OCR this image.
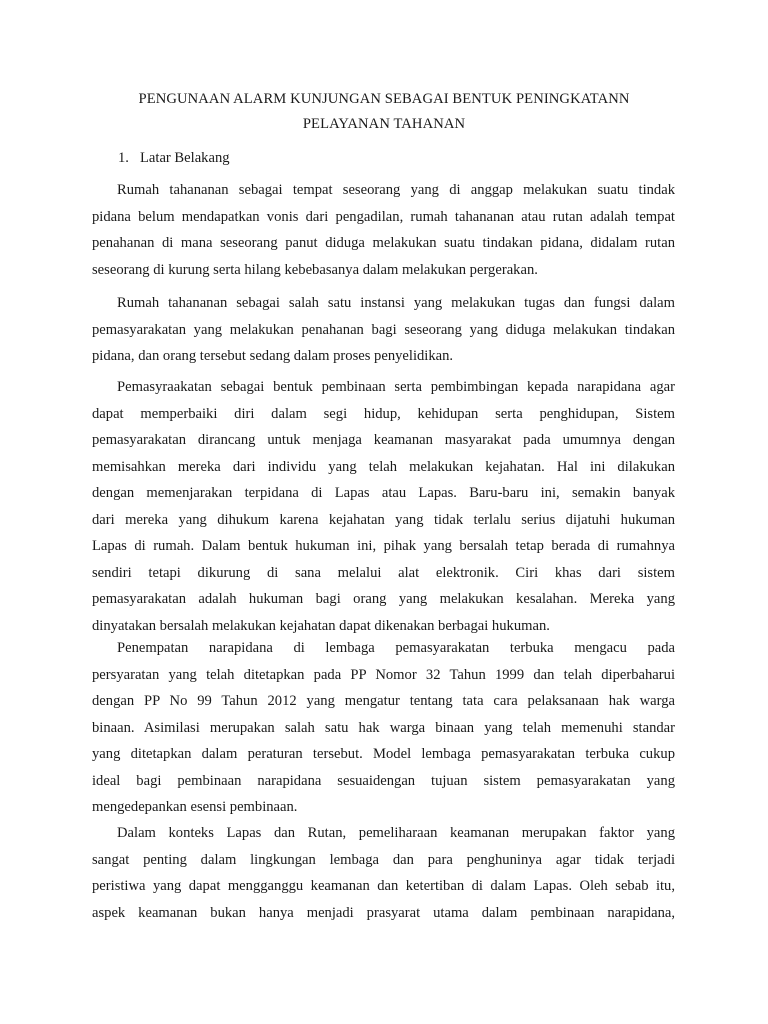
PENGUNAAN ALARM KUNJUNGAN SEBAGAI BENTUK PENINGKATANN
PELAYANAN TAHANAN
1. Latar Belakang
Rumah tahananan sebagai tempat seseorang yang di anggap melakukan suatu tindak
pidana belum mendapatkan vonis dari pengadilan, rumah tahananan atau rutan adalah tempat
penahanan di mana seseorang panut diduga melakukan suatu tindakan pidana, didalam rutan
seseorang di kurung serta hilang kebebasanya dalam melakukan pergerakan.
Rumah tahananan sebagai salah satu instansi yang melakukan tugas dan fungsi dalam
pemasyarakatan yang melakukan penahanan bagi seseorang yang diduga melakukan tindakan
pidana, dan orang tersebut sedang dalam proses penyelidikan.
Pemasyraakatan sebagai bentuk pembinaan serta pembimbingan kepada narapidana agar
dapat memperbaiki diri dalam segi hidup, kehidupan serta penghidupan, Sistem
pemasyarakatan dirancang untuk menjaga keamanan masyarakat pada umumnya dengan
memisahkan mereka dari individu yang telah melakukan kejahatan. Hal ini dilakukan
dengan memenjarakan terpidana di Lapas atau Lapas. Baru-baru ini, semakin banyak
dari mereka yang dihukum karena kejahatan yang tidak terlalu serius dijatuhi hukuman
Lapas di rumah. Dalam bentuk hukuman ini, pihak yang bersalah tetap berada di rumahnya
sendiri tetapi dikurung di sana melalui alat elektronik. Ciri khas dari sistem
pemasyarakatan adalah hukuman bagi orang yang melakukan kesalahan. Mereka yang
dinyatakan bersalah melakukan kejahatan dapat dikenakan berbagai hukuman.
Penempatan narapidana di lembaga pemasyarakatan terbuka mengacu pada
persyaratan yang telah ditetapkan pada PP Nomor 32 Tahun 1999 dan telah diperbaharui
dengan PP No 99 Tahun 2012 yang mengatur tentang tata cara pelaksanaan hak warga
binaan. Asimilasi merupakan salah satu hak warga binaan yang telah memenuhi standar
yang ditetapkan dalam peraturan tersebut. Model lembaga pemasyarakatan terbuka cukup
ideal bagi pembinaan narapidana sesuaidengan tujuan sistem pemasyarakatan yang
mengedepankan esensi pembinaan.
Dalam konteks Lapas dan Rutan, pemeliharaan keamanan merupakan faktor yang
sangat penting dalam lingkungan lembaga dan para penghuninya agar tidak terjadi
peristiwa yang dapat mengganggu keamanan dan ketertiban di dalam Lapas. Oleh sebab itu,
aspek keamanan bukan hanya menjadi prasyarat utama dalam pembinaan narapidana,
